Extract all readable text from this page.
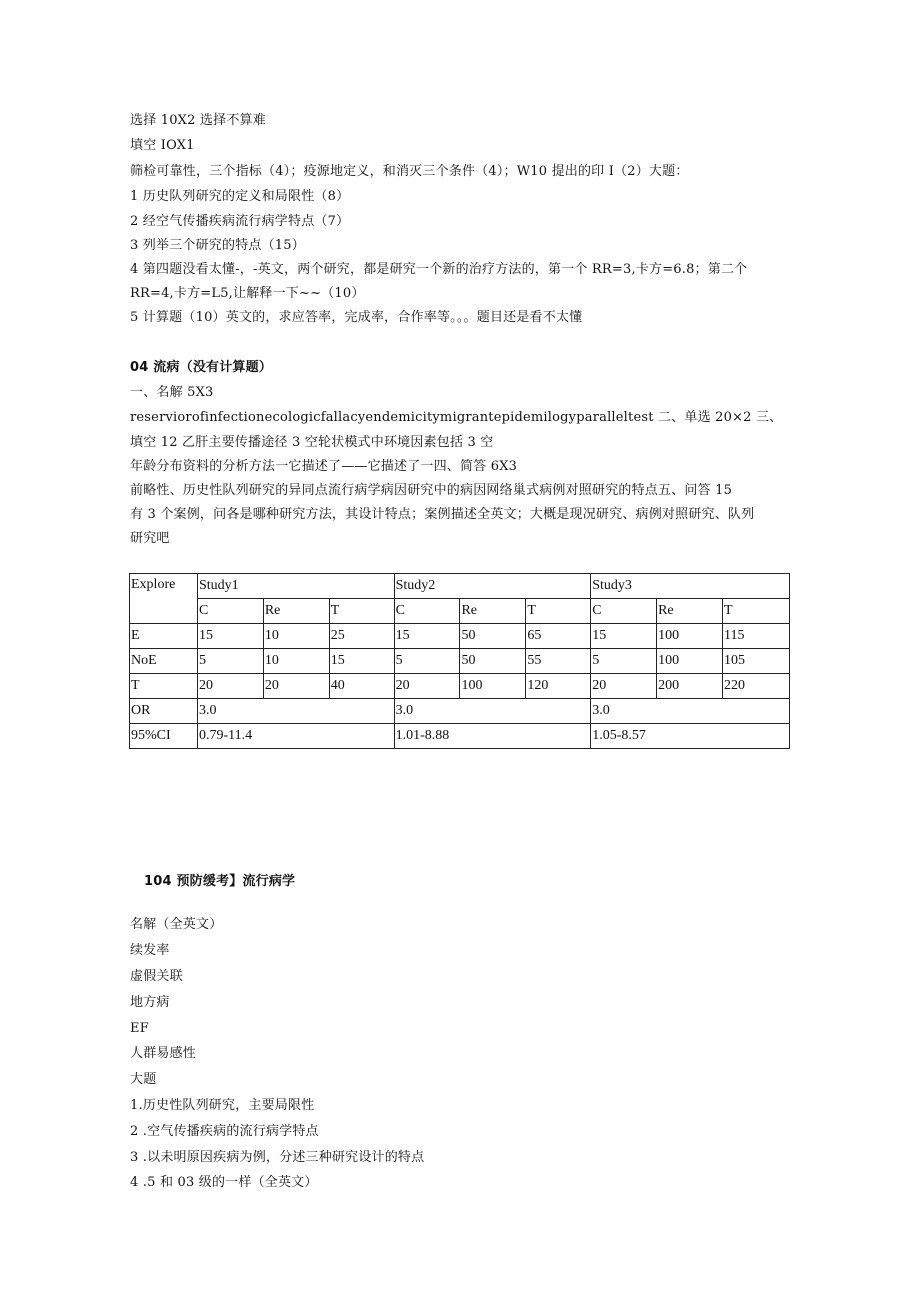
选择 10X2 选择不算难
填空 IOX1
筛检可靠性，三个指标（4）；疫源地定义，和消灭三个条件（4）；W10 提出的印 I（2）大题：
1 历史队列研究的定义和局限性（8）
2 经空气传播疾病流行病学特点（7）
3 列举三个研究的特点（15）
4 第四题没看太懂-，-英文，两个研究，都是研究一个新的治疗方法的，第一个 RR=3,卡方=6.8；第二个
RR=4,卡方=L5,让解释一下~~（10）
5 计算题（10）英文的，求应答率，完成率，合作率等。。。题目还是看不太懂
04 流病（没有计算题）
一、名解 5X3
reserviorofinfectionecologicfallacyendemicitymigrantepidemilogyparalleltest 二、单选 20×2 三、
填空 12 乙肝主要传播途径 3 空轮状模式中环境因素包括 3 空
年龄分布资料的分析方法一它描述了——它描述了一四、简答 6X3
前略性、历史性队列研究的异同点流行病学病因研究中的病因网络巢式病例对照研究的特点五、问答 15
有 3 个案例，问各是哪种研究方法，其设计特点；案例描述全英文；大概是现况研究、病例对照研究、队列
研究吧
Explore	Study1			Study2			Study3		
	C	Re	T	C	Re	T	C	Re	T
E	15	10	25	15	50	65	15	100	115
NoE	5	10	15	5	50	55	5	100	105
T	20	20	40	20	100	120	20	200	220
OR	3.0			3.0			3.0		
95%CI	0.79-11.4			1.01-8.88			1.05-8.57		
104 预防缓考】流行病学
名解（全英文）
续发率
虚假关联
地方病
EF
人群易感性
大题
1.历史性队列研究，主要局限性
2 .空气传播疾病的流行病学特点
3 .以未明原因疾病为例，分述三种研究设计的特点
4 .5 和 03 级的一样（全英文）
